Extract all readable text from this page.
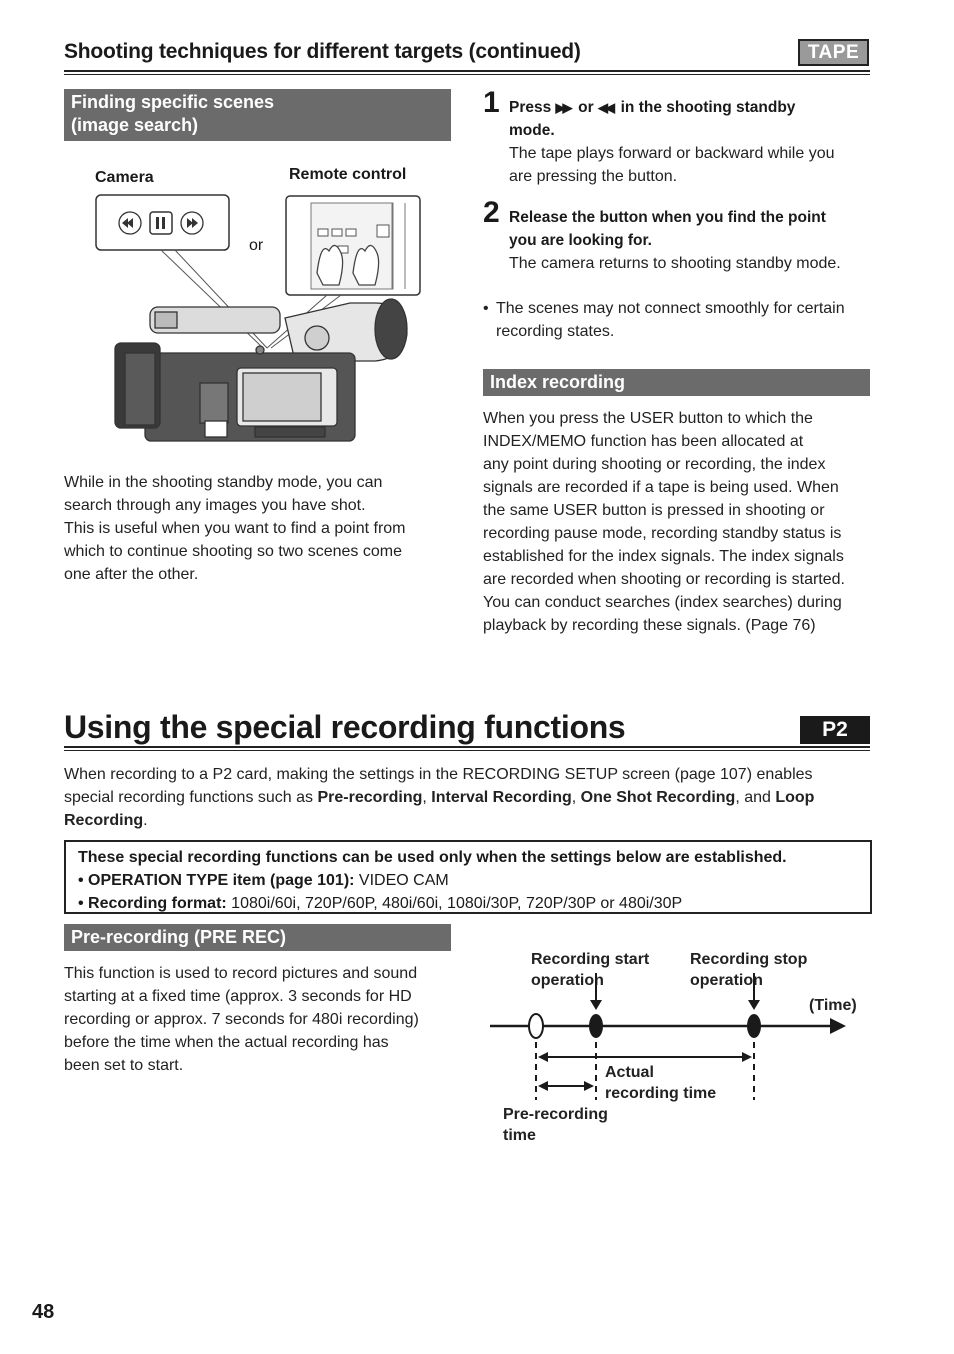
Shooting techniques for different targets (continued)	TAPE
Finding specific scenes
(image search)
Camera	Remote control
or
While in the shooting standby mode, you can
search through any images you have shot.
This is useful when you want to find a point from
which to continue shooting so two scenes come
one after the other.
1 Press ▶▶ or ◀◀ in the shooting standby
mode.
The tape plays forward or backward while you
are pressing the button.
2 Release the button when you find the point
you are looking for.
The camera returns to shooting standby mode.
• The scenes may not connect smoothly for certain
recording states.
Index recording
When you press the USER button to which the
INDEX/MEMO function has been allocated at
any point during shooting or recording, the index
signals are recorded if a tape is being used. When
the same USER button is pressed in shooting or
recording pause mode, recording standby status is
established for the index signals. The index signals
are recorded when shooting or recording is started.
You can conduct searches (index searches) during
playback by recording these signals. (Page 76)
Using the special recording functions	P2
When recording to a P2 card, making the settings in the RECORDING SETUP screen (page 107) enables
special recording functions such as Pre-recording, Interval Recording, One Shot Recording, and Loop
Recording.
These special recording functions can be used only when the settings below are established.
• OPERATION TYPE item (page 101): VIDEO CAM
• Recording format: 1080i/60i, 720P/60P, 480i/60i, 1080i/30P, 720P/30P or 480i/30P
Pre-recording (PRE REC)
This function is used to record pictures and sound
starting at a fixed time (approx. 3 seconds for HD
recording or approx. 7 seconds for 480i recording)
before the time when the actual recording has
been set to start.
Recording start
operation
Recording stop
operation
(Time)
Actual
recording time
Pre-recording
time
48
